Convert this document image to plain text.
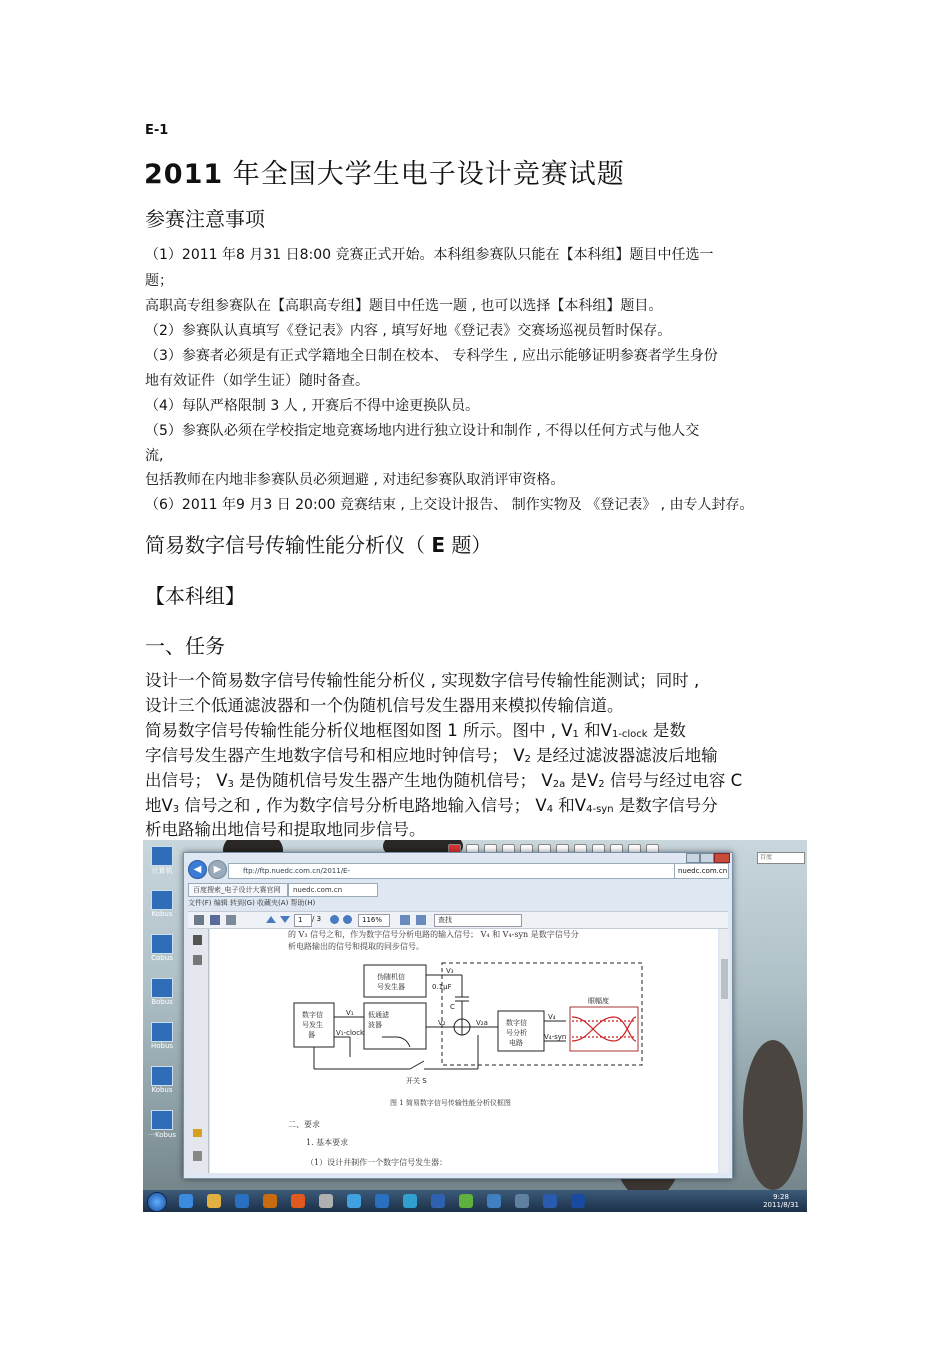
E-1
2011 年全国大学生电子设计竞赛试题
参赛注意事项
（1）2011 年8 月31 日8:00 竞赛正式开始。本科组参赛队只能在【本科组】题目中任选一
题；
高职高专组参赛队在【高职高专组】题目中任选一题 , 也可以选择【本科组】题目。
（2）参赛队认真填写《登记表》内容 , 填写好地《登记表》交赛场巡视员暂时保存。
（3）参赛者必须是有正式学籍地全日制在校本、 专科学生 , 应出示能够证明参赛者学生身份
地有效证件（如学生证）随时备查。
（4）每队严格限制 3 人 , 开赛后不得中途更换队员。
（5）参赛队必须在学校指定地竞赛场地内进行独立设计和制作 , 不得以任何方式与他人交
流,
包括教师在内地非参赛队员必须迴避 , 对违纪参赛队取消评审资格。
（6）2011 年9 月3 日 20:00 竞赛结束 , 上交设计报告、 制作实物及 《登记表》 , 由专人封存。
简易数字信号传输性能分析仪（ E 题）
【本科组】
一、任务
设计一个简易数字信号传输性能分析仪 , 实现数字信号传输性能测试；同时 ,
设计三个低通滤波器和一个伪随机信号发生器用来模拟传输信道。
简易数字信号传输性能分析仪地框图如图 1 所示。图中 , $V_1$ 和$V_{1-clock}$ 是数
字信号发生器产生地数字信号和相应地时钟信号； $V_2$ 是经过滤波器滤波后地输
出信号； $V_3$ 是伪随机信号发生器产生地伪随机信号； $V_{2a}$ 是$V_2$ 信号与经过电容 C
地$V_3$ 信号之和 , 作为数字信号分析电路地输入信号； $V_4$ 和$V_{4-syn}$ 是数字信号分
析电路输出地信号和提取地同步信号。
计算机
Kobus
Cobus
Bobus
Hobus
Kobus
一Kobus
百度
◀	▶	ftp://ftp.nuedc.com.cn/2011/E-	nuedc.com.cn
百度搜索_电子设计大赛官网	nuedc.com.cn
文件(F) 编辑 转到(G) 收藏夹(A) 帮助(H)
1	/ 3	116%	查找
的 V₃ 信号之和，作为数字信号分析电路的输入信号； V₄ 和 V₄-syn 是数字信号分
析电路输出的信号和提取的同步信号。
伪随机信
号发生器
数字信
号发生
器
低通滤
波器	数字信
号分析
电路
0.1μF
C
眼幅度
V₁
V₁-clock
V₂	V₂a
V₃
V₄
V₄-syn
开关 S
图 1 简易数字信号传输性能分析仪框图
二、要求
1. 基本要求
（1）设计并制作一个数字信号发生器：
9:28
2011/8/31
